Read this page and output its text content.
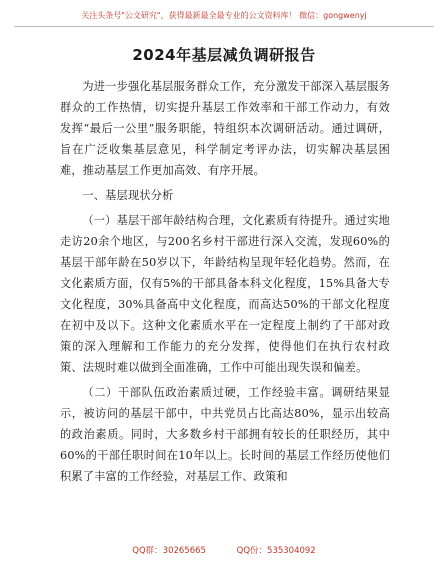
关注头条号"公文研究"，获得最新最全最专业的公文资料库！ 微信：gongwenyj
2024年基层减负调研报告

为进一步强化基层服务群众工作，充分激发干部深入基层服务群众的工作热情，切实提升基层工作效率和干部工作动力，有效发挥“最后一公里”服务职能，特组织本次调研活动。通过调研，旨在广泛收集基层意见，科学制定考评办法，切实解决基层困难，推动基层工作更加高效、有序开展。

一、基层现状分析

（一）基层干部年龄结构合理，文化素质有待提升。通过实地走访20余个地区，与200名乡村干部进行深入交流，发现60%的基层干部年龄在50岁以下，年龄结构呈现年轻化趋势。然而，在文化素质方面，仅有5%的干部具备本科文化程度，15%具备大专文化程度，30%具备高中文化程度，而高达50%的干部文化程度在初中及以下。这种文化素质水平在一定程度上制约了干部对政策的深入理解和工作能力的充分发挥，使得他们在执行农村政策、法规时难以做到全面准确，工作中可能出现失误和偏差。

（二）干部队伍政治素质过硬，工作经验丰富。调研结果显示，被访问的基层干部中，中共党员占比高达80%，显示出较高的政治素质。同时，大多数乡村干部拥有较长的任职经历，其中60%的干部任职时间在10年以上。长时间的基层工作经历使他们积累了丰富的工作经验，对基层工作、政策和

QQ群：30265665	QQ份：535304092
